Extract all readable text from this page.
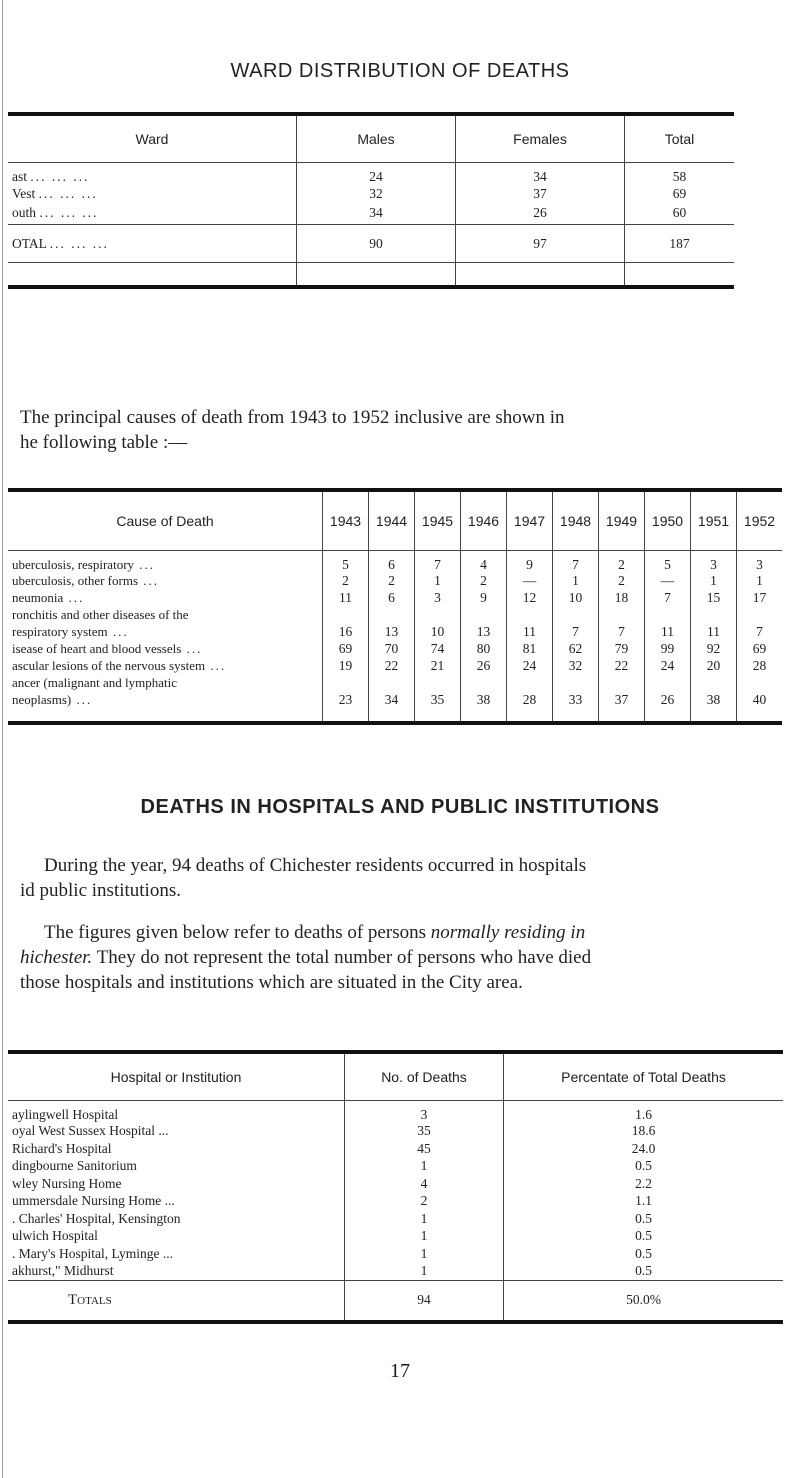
WARD DISTRIBUTION OF DEATHS
Ward	Males	Females	Total
ast ... ... ...	24	34	58
Vest ... ... ...	32	37	69
outh ... ... ...	34	26	60
OTAL ... ... ...	90	97	187

The principal causes of death from 1943 to 1952 inclusive are shown in
he following table :—
Cause of Death	1943	1944	1945	1946	1947	1948	1949	1950	1951	1952
uberculosis, respiratory ...	5	6	7	4	9	7	2	5	3	3
uberculosis, other forms ...	2	2	1	2	—	1	2	—	1	1
neumonia ...	11	6	3	9	12	10	18	7	15	17
ronchitis and other diseases of the										
respiratory system ...	16	13	10	13	11	7	7	11	11	7
isease of heart and blood vessels ...	69	70	74	80	81	62	79	99	92	69
ascular lesions of the nervous system ...	19	22	21	26	24	32	22	24	20	28
ancer (malignant and lymphatic										
neoplasms) ...	23	34	35	38	28	33	37	26	38	40

DEATHS IN HOSPITALS AND PUBLIC INSTITUTIONS
During the year, 94 deaths of Chichester residents occurred in hospitals
id public institutions.
The figures given below refer to deaths of persons normally residing in
hichester. They do not represent the total number of persons who have died
those hospitals and institutions which are situated in the City area.
Hospital or Institution	No. of Deaths	Percentate of Total Deaths
aylingwell Hospital	3	1.6
oyal West Sussex Hospital ...	35	18.6
Richard's Hospital	45	24.0
dingbourne Sanitorium	1	0.5
wley Nursing Home	4	2.2
ummersdale Nursing Home ...	2	1.1
. Charles' Hospital, Kensington	1	0.5
ulwich Hospital	1	0.5
. Mary's Hospital, Lyminge ...	1	0.5
akhurst," Midhurst	1	0.5
Totals	94	50.0%
17
